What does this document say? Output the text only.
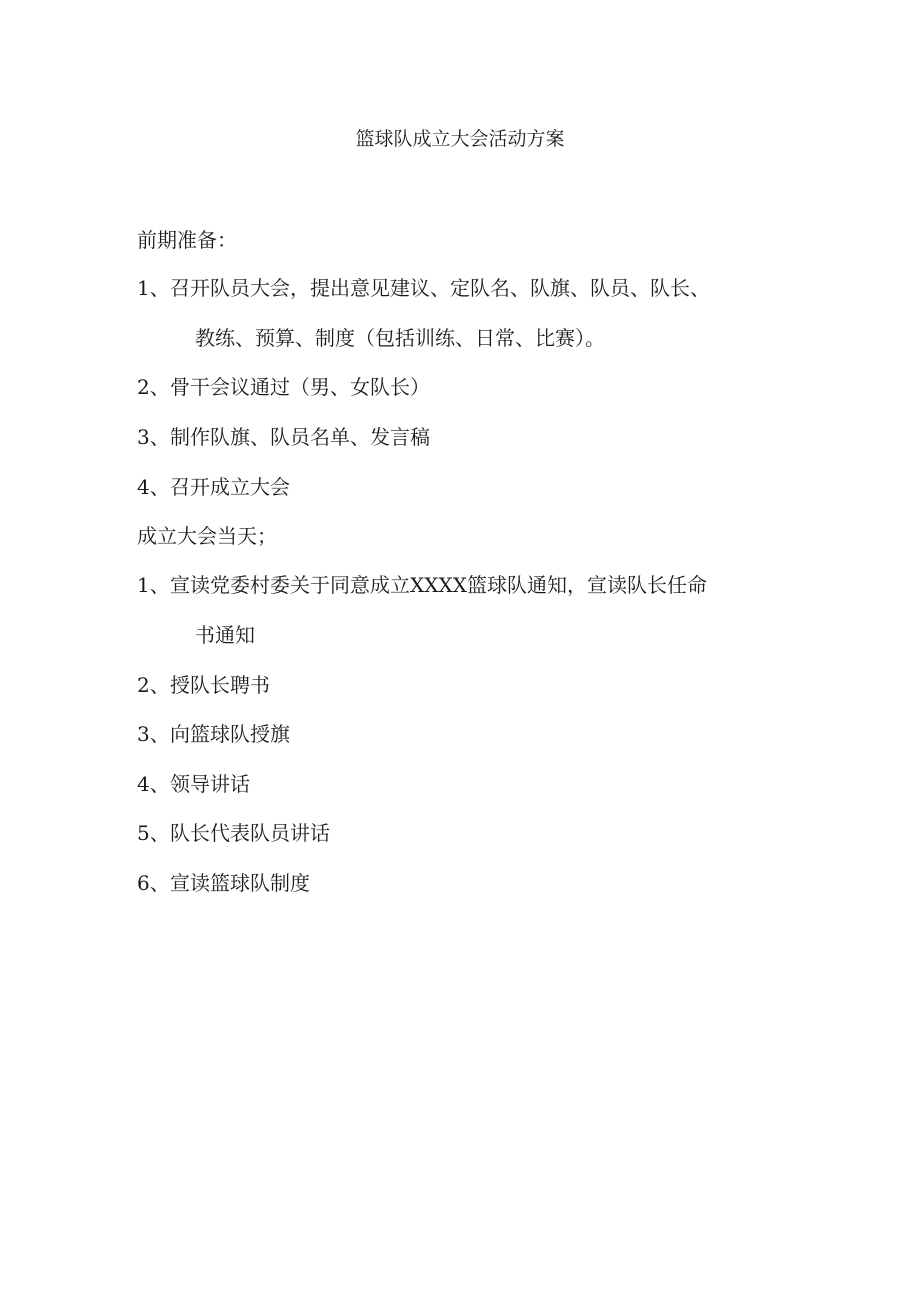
篮球队成立大会活动方案
前期准备：
1、召开队员大会，提出意见建议、定队名、队旗、队员、队长、
教练、预算、制度（包括训练、日常、比赛）。
2、骨干会议通过（男、女队长）
3、制作队旗、队员名单、发言稿
4、召开成立大会
成立大会当天；
1、宣读党委村委关于同意成立XXXX篮球队通知，宣读队长任命
书通知
2、授队长聘书
3、向篮球队授旗
4、领导讲话
5、队长代表队员讲话
6、宣读篮球队制度
